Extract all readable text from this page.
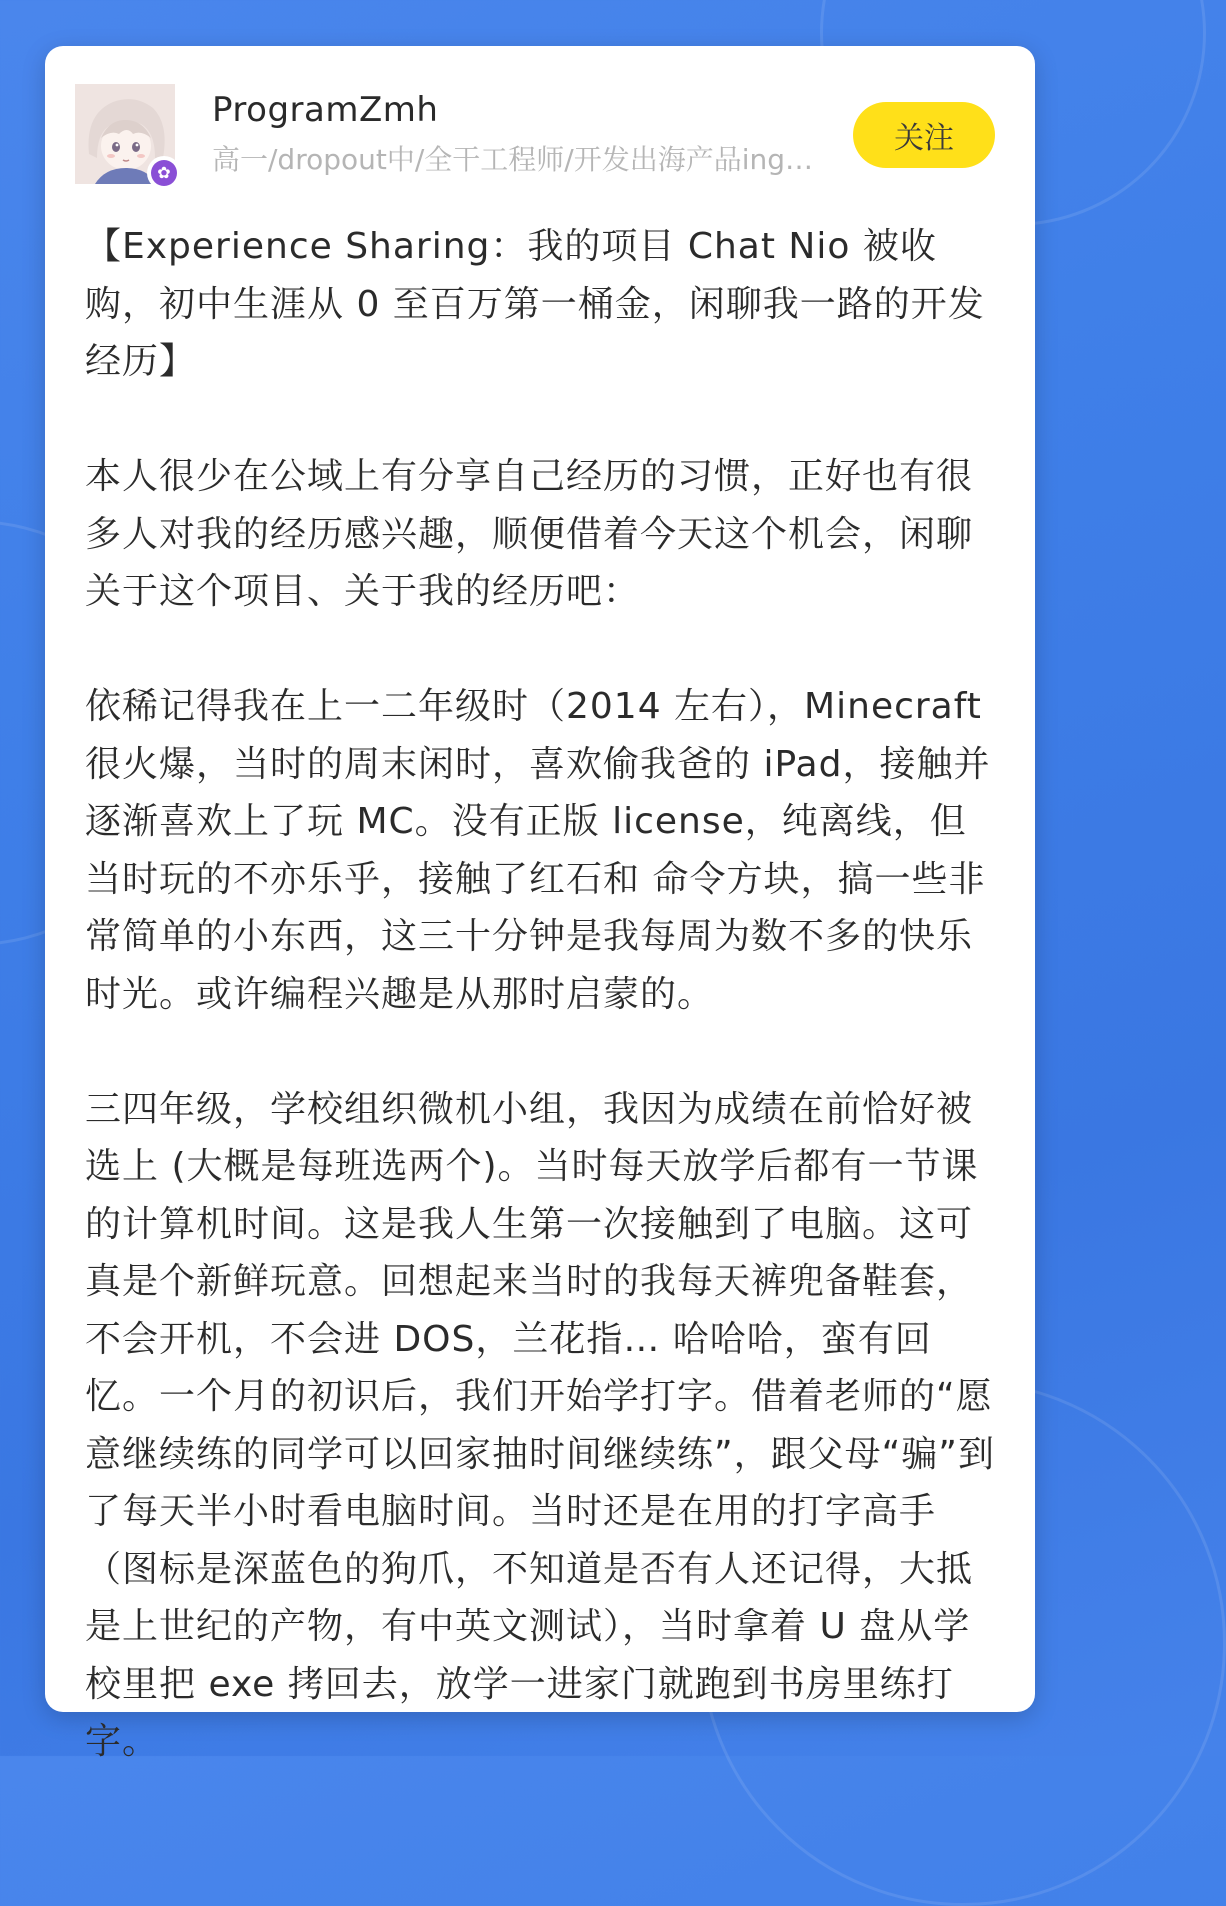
✿
ProgramZmh
高一/dropout中/全干工程师/开发出海产品ing…
关注

【Experience Sharing：我的项目 Chat Nio 被收购，初中生涯从 0 至百万第一桶金，闲聊我一路的开发经历】

本人很少在公域上有分享自己经历的习惯，正好也有很多人对我的经历感兴趣，顺便借着今天这个机会，闲聊关于这个项目、关于我的经历吧：

依稀记得我在上一二年级时（2014 左右），Minecraft 很火爆，当时的周末闲时，喜欢偷我爸的 iPad，接触并逐渐喜欢上了玩 MC。没有正版 license，纯离线，但当时玩的不亦乐乎，接触了红石和 命令方块，搞一些非常简单的小东西，这三十分钟是我每周为数不多的快乐时光。或许编程兴趣是从那时启蒙的。

三四年级，学校组织微机小组，我因为成绩在前恰好被选上 (大概是每班选两个)。当时每天放学后都有一节课的计算机时间。这是我人生第一次接触到了电脑。这可真是个新鲜玩意。回想起来当时的我每天裤兜备鞋套，不会开机，不会进 DOS，兰花指… 哈哈哈，蛮有回忆。一个月的初识后，我们开始学打字。借着老师的“愿意继续练的同学可以回家抽时间继续练”，跟父母“骗”到了每天半小时看电脑时间。当时还是在用的打字高手（图标是深蓝色的狗爪，不知道是否有人还记得，大抵是上世纪的产物，有中英文测试），当时拿着 U 盘从学校里把 exe 拷回去，放学一进家门就跑到书房里练打字。
